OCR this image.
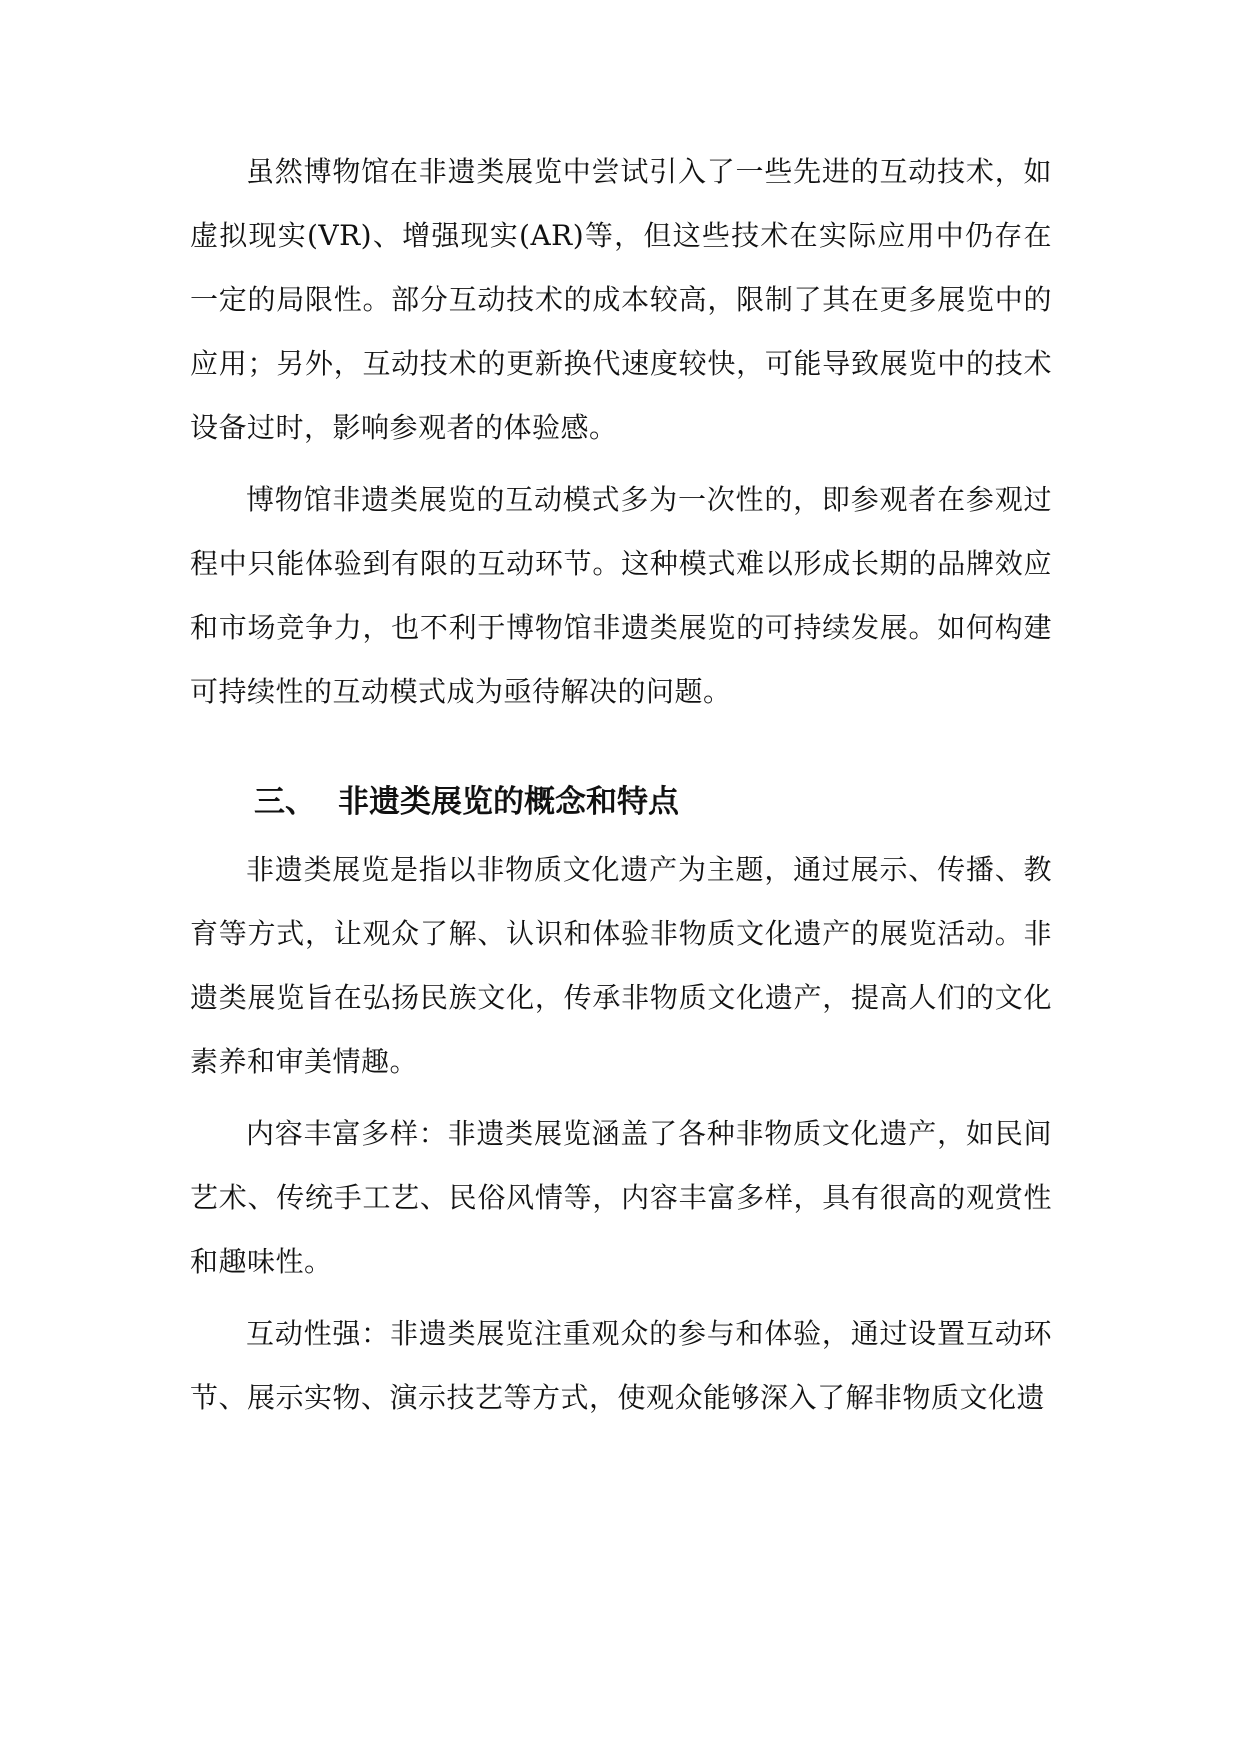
虽然博物馆在非遗类展览中尝试引入了一些先进的互动技术，如虚拟现实(VR)、增强现实(AR)等，但这些技术在实际应用中仍存在一定的局限性。部分互动技术的成本较高，限制了其在更多展览中的应用；另外，互动技术的更新换代速度较快，可能导致展览中的技术设备过时，影响参观者的体验感。

博物馆非遗类展览的互动模式多为一次性的，即参观者在参观过程中只能体验到有限的互动环节。这种模式难以形成长期的品牌效应和市场竞争力，也不利于博物馆非遗类展览的可持续发展。如何构建可持续性的互动模式成为亟待解决的问题。

三、 非遗类展览的概念和特点

非遗类展览是指以非物质文化遗产为主题，通过展示、传播、教育等方式，让观众了解、认识和体验非物质文化遗产的展览活动。非遗类展览旨在弘扬民族文化，传承非物质文化遗产，提高人们的文化素养和审美情趣。

内容丰富多样：非遗类展览涵盖了各种非物质文化遗产，如民间艺术、传统手工艺、民俗风情等，内容丰富多样，具有很高的观赏性和趣味性。

互动性强：非遗类展览注重观众的参与和体验，通过设置互动环节、展示实物、演示技艺等方式，使观众能够深入了解非物质文化遗
